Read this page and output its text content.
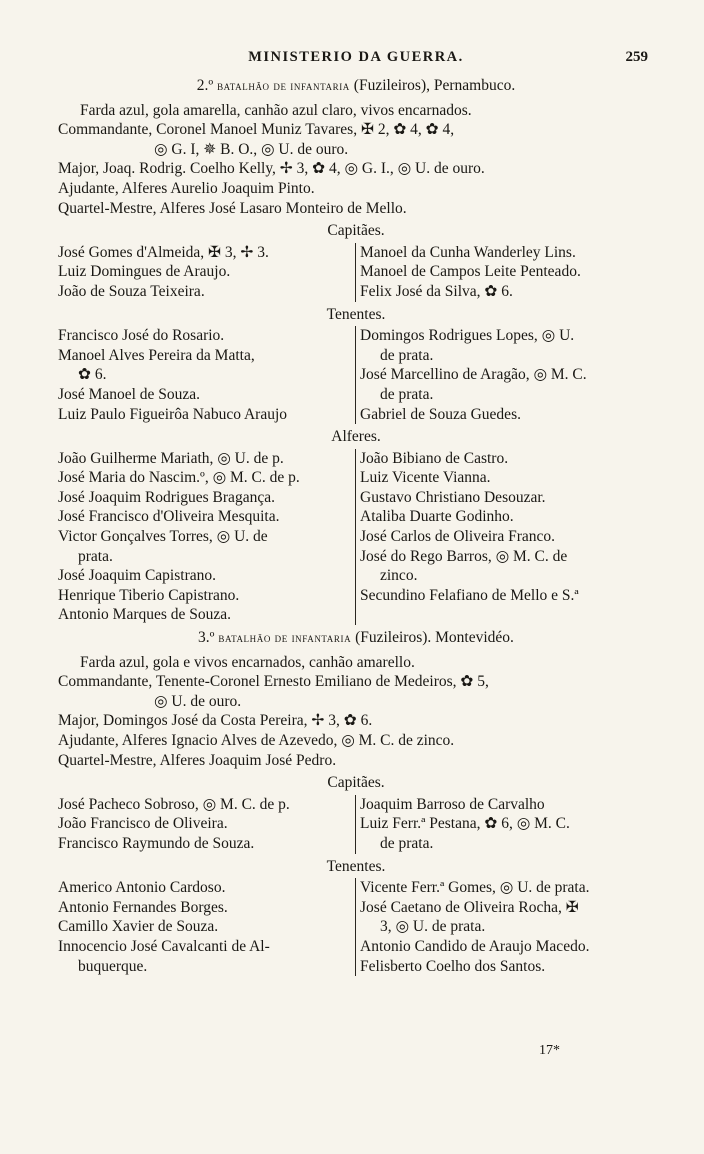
MINISTERIO DA GUERRA.	259
2.º batalhão de infantaria (Fuzileiros), Pernambuco.
Farda azul, gola amarella, canhão azul claro, vivos encarnados.
Commandante, Coronel Manoel Muniz Tavares, ✠ 2, ✿ 4, ✿ 4,
◎ G. I, ✵ B. O., ◎ U. de ouro.
Major, Joaq. Rodrig. Coelho Kelly, ✢ 3, ✿ 4, ◎ G. I., ◎ U. de ouro.
Ajudante, Alferes Aurelio Joaquim Pinto.
Quartel-Mestre, Alferes José Lasaro Monteiro de Mello.
Capitães.
José Gomes d'Almeida, ✠ 3, ✢ 3.
Luiz Domingues de Araujo.
João de Souza Teixeira.
Manoel da Cunha Wanderley Lins.
Manoel de Campos Leite Penteado.
Felix José da Silva, ✿ 6.
Tenentes.
Francisco José do Rosario.
Manoel Alves Pereira da Matta,
✿ 6.
José Manoel de Souza.
Luiz Paulo Figueirôa Nabuco Araujo
Domingos Rodrigues Lopes, ◎ U.
de prata.
José Marcellino de Aragão, ◎ M. C.
de prata.
Gabriel de Souza Guedes.
Alferes.
João Guilherme Mariath, ◎ U. de p.
José Maria do Nascim.º, ◎ M. C. de p.
José Joaquim Rodrigues Bragança.
José Francisco d'Oliveira Mesquita.
Victor Gonçalves Torres, ◎ U. de
prata.
José Joaquim Capistrano.
Henrique Tiberio Capistrano.
Antonio Marques de Souza.
João Bibiano de Castro.
Luiz Vicente Vianna.
Gustavo Christiano Desouzar.
Ataliba Duarte Godinho.
José Carlos de Oliveira Franco.
José do Rego Barros, ◎ M. C. de
zinco.
Secundino Felafiano de Mello e S.ª
3.º batalhão de infantaria (Fuzileiros). Montevidéo.
Farda azul, gola e vivos encarnados, canhão amarello.
Commandante, Tenente-Coronel Ernesto Emiliano de Medeiros, ✿ 5,
◎ U. de ouro.
Major, Domingos José da Costa Pereira, ✢ 3, ✿ 6.
Ajudante, Alferes Ignacio Alves de Azevedo, ◎ M. C. de zinco.
Quartel-Mestre, Alferes Joaquim José Pedro.
Capitães.
José Pacheco Sobroso, ◎ M. C. de p.
João Francisco de Oliveira.
Francisco Raymundo de Souza.
Joaquim Barroso de Carvalho
Luiz Ferr.ª Pestana, ✿ 6, ◎ M. C.
de prata.
Tenentes.
Americo Antonio Cardoso.
Antonio Fernandes Borges.
Camillo Xavier de Souza.
Innocencio José Cavalcanti de Al-
buquerque.
Vicente Ferr.ª Gomes, ◎ U. de prata.
José Caetano de Oliveira Rocha, ✠
3, ◎ U. de prata.
Antonio Candido de Araujo Macedo.
Felisberto Coelho dos Santos.
17*
